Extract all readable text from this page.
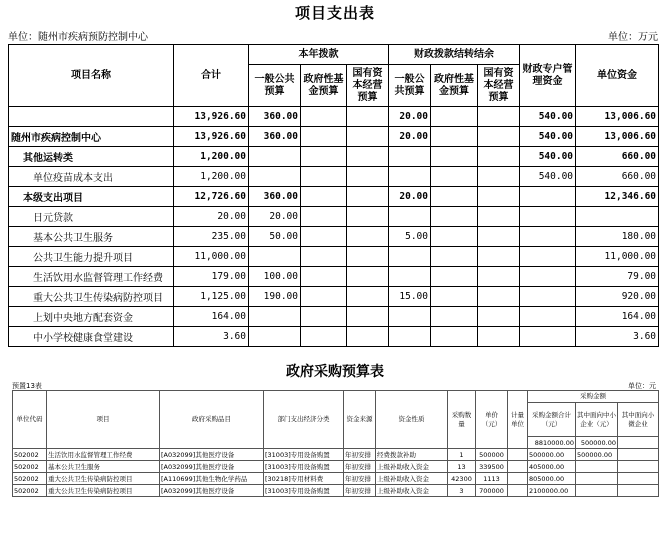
项目支出表
单位：随州市疾病预防控制中心	单位：万元
项目名称	合计	本年拨款			财政拨款结转结余			财政专户管理资金	单位资金
		一般公共预算	政府性基金预算	国有资本经营预算	一般公共预算	政府性基金预算	国有资本经营预算		
	13,926.60	360.00			20.00			540.00	13,006.60
随州市疾病控制中心	13,926.60	360.00			20.00			540.00	13,006.60
其他运转类	1,200.00							540.00	660.00
单位疫苗成本支出	1,200.00							540.00	660.00
本级支出项目	12,726.60	360.00			20.00				12,346.60
日元贷款	20.00	20.00							
基本公共卫生服务	235.00	50.00			5.00				180.00
公共卫生能力提升项目	11,000.00								11,000.00
生活饮用水监督管理工作经费	179.00	100.00							79.00
重大公共卫生传染病防控项目	1,125.00	190.00			15.00				920.00
上划中央地方配套资金	164.00								164.00
中小学校健康食堂建设	3.60								3.60
政府采购预算表
预置13表	单位：元
单位代码	项目	政府采购品目	部门支出经济分类	资金来源	资金性质	采购数量	单价（元）	计量单位	采购金额		
									采购金额合计（元）	其中面向中小企业（元）	其中面向小微企业
									8810000.00	500000.00	
502002	生活饮用水监督管理工作经费	[A032099]其他医疗设备	[31003]专用设备购置	年初安排	经费拨款补助	1	500000		500000.00	500000.00	
502002	基本公共卫生服务	[A032099]其他医疗设备	[31003]专用设备购置	年初安排	上级补助收入资金	13	339500		405000.00		
502002	重大公共卫生传染病防控项目	[A110699]其他生物化学药品	[30218]专用材料费	年初安排	上级补助收入资金	42300	1113		805000.00		
502002	重大公共卫生传染病防控项目	[A032099]其他医疗设备	[31003]专用设备购置	年初安排	上级补助收入资金	3	700000		2100000.00		
